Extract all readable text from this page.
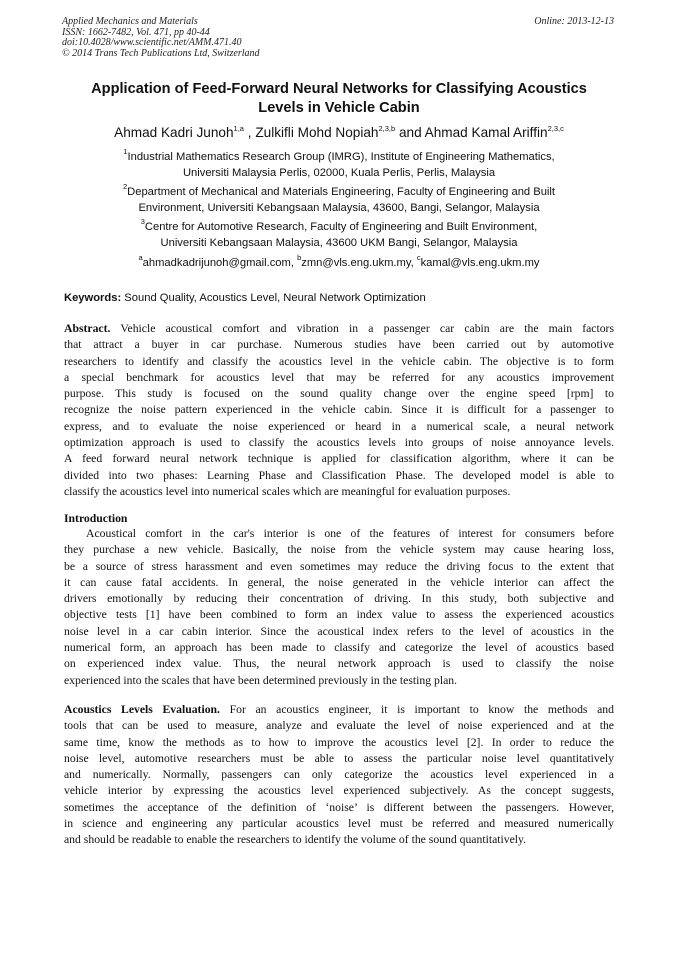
Applied Mechanics and Materials
ISSN: 1662-7482, Vol. 471, pp 40-44
doi:10.4028/www.scientific.net/AMM.471.40
© 2014 Trans Tech Publications Ltd, Switzerland
Online: 2013-12-13
Application of Feed-Forward Neural Networks for Classifying Acoustics
Levels in Vehicle Cabin
Ahmad Kadri Junoh$^{1,a}$ , Zulkifli Mohd Nopiah$^{2,3,b}$ and Ahmad Kamal Ariffin$^{2,3,c}$
$^1$Industrial Mathematics Research Group (IMRG), Institute of Engineering Mathematics,
Universiti Malaysia Perlis, 02000, Kuala Perlis, Perlis, Malaysia
$^2$Department of Mechanical and Materials Engineering, Faculty of Engineering and Built
Environment, Universiti Kebangsaan Malaysia, 43600, Bangi, Selangor, Malaysia
$^3$Centre for Automotive Research, Faculty of Engineering and Built Environment,
Universiti Kebangsaan Malaysia, 43600 UKM Bangi, Selangor, Malaysia
$^a$ahmadkadrijunoh@gmail.com, $^b$zmn@vls.eng.ukm.my, $^c$kamal@vls.eng.ukm.my
Keywords: Sound Quality, Acoustics Level, Neural Network Optimization
Abstract. Vehicle acoustical comfort and vibration in a passenger car cabin are the main factors
that attract a buyer in car purchase. Numerous studies have been carried out by automotive
researchers to identify and classify the acoustics level in the vehicle cabin. The objective is to form
a special benchmark for acoustics level that may be referred for any acoustics improvement
purpose. This study is focused on the sound quality change over the engine speed [rpm] to
recognize the noise pattern experienced in the vehicle cabin. Since it is difficult for a passenger to
express, and to evaluate the noise experienced or heard in a numerical scale, a neural network
optimization approach is used to classify the acoustics levels into groups of noise annoyance levels.
A feed forward neural network technique is applied for classification algorithm, where it can be
divided into two phases: Learning Phase and Classification Phase. The developed model is able to
classify the acoustics level into numerical scales which are meaningful for evaluation purposes.
Introduction
Acoustical comfort in the car's interior is one of the features of interest for consumers before
they purchase a new vehicle. Basically, the noise from the vehicle system may cause hearing loss,
be a source of stress harassment and even sometimes may reduce the driving focus to the extent that
it can cause fatal accidents. In general, the noise generated in the vehicle interior can affect the
drivers emotionally by reducing their concentration of driving. In this study, both subjective and
objective tests [1] have been combined to form an index value to assess the experienced acoustics
noise level in a car cabin interior. Since the acoustical index refers to the level of acoustics in the
numerical form, an approach has been made to classify and categorize the level of acoustics based
on experienced index value. Thus, the neural network approach is used to classify the noise
experienced into the scales that have been determined previously in the testing plan.
Acoustics Levels Evaluation. For an acoustics engineer, it is important to know the methods and
tools that can be used to measure, analyze and evaluate the level of noise experienced and at the
same time, know the methods as to how to improve the acoustics level [2]. In order to reduce the
noise level, automotive researchers must be able to assess the particular noise level quantitatively
and numerically. Normally, passengers can only categorize the acoustics level experienced in a
vehicle interior by expressing the acoustics level experienced subjectively. As the concept suggests,
sometimes the acceptance of the definition of ‘noise’ is different between the passengers. However,
in science and engineering any particular acoustics level must be referred and measured numerically
and should be readable to enable the researchers to identify the volume of the sound quantitatively.
